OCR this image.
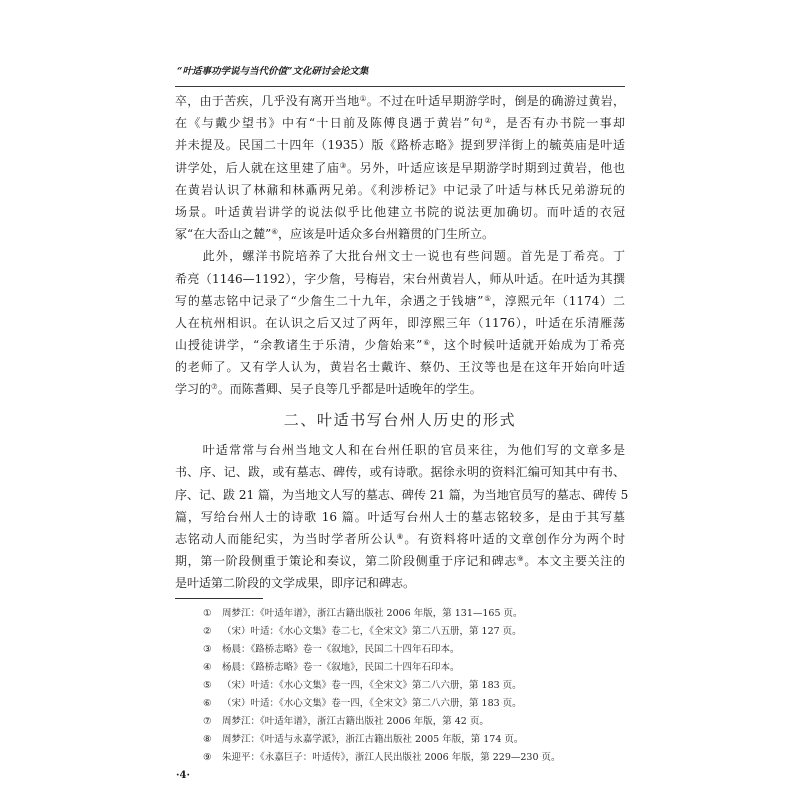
“叶适事功学说与当代价值”文化研讨会论文集
卒，由于苦疾，几乎没有离开当地①。不过在叶适早期游学时，倒是的确游过黄岩，
在《与戴少望书》中有“十日前及陈傅良遇于黄岩”句②，是否有办书院一事却
并未提及。民国二十四年（1935）版《路桥志略》提到罗洋街上的毓英庙是叶适
讲学处，后人就在这里建了庙③。另外，叶适应该是早期游学时期到过黄岩，他也
在黄岩认识了林鼐和林鼒两兄弟。《利涉桥记》中记录了叶适与林氏兄弟游玩的
场景。叶适黄岩讲学的说法似乎比他建立书院的说法更加确切。而叶适的衣冠
冢“在大岙山之麓”④，应该是叶适众多台州籍贯的门生所立。
此外，螺洋书院培养了大批台州文士一说也有些问题。首先是丁希亮。丁
希亮（1146—1192），字少詹，号梅岩，宋台州黄岩人，师从叶适。在叶适为其撰
写的墓志铭中记录了“少詹生二十九年，余遇之于钱塘”⑤，淳熙元年（1174）二
人在杭州相识。在认识之后又过了两年，即淳熙三年（1176），叶适在乐清雁荡
山授徒讲学，“余教诸生于乐清，少詹始来”⑥，这个时候叶适就开始成为丁希亮
的老师了。又有学人认为，黄岩名士戴许、蔡仍、王汶等也是在这年开始向叶适
学习的⑦。而陈耆卿、吴子良等几乎都是叶适晚年的学生。
二、叶适书写台州人历史的形式
叶适常常与台州当地文人和在台州任职的官员来往，为他们写的文章多是
书、序、记、跋，或有墓志、碑传，或有诗歌。据徐永明的资料汇编可知其中有书、
序、记、跋 21 篇，为当地文人写的墓志、碑传 21 篇，为当地官员写的墓志、碑传 5
篇，写给台州人士的诗歌 16 篇。叶适写台州人士的墓志铭较多，是由于其写墓
志铭动人而能纪实，为当时学者所公认⑧。有资料将叶适的文章创作分为两个时
期，第一阶段侧重于策论和奏议，第二阶段侧重于序记和碑志⑨。本文主要关注的
是叶适第二阶段的文学成果，即序记和碑志。
① 周梦江：《叶适年谱》，浙江古籍出版社 2006 年版，第 131—165 页。
② （宋）叶适：《水心文集》卷二七，《全宋文》第二八五册，第 127 页。
③ 杨晨：《路桥志略》卷一《叙地》，民国二十四年石印本。
④ 杨晨：《路桥志略》卷一《叙地》，民国二十四年石印本。
⑤ （宋）叶适：《水心文集》卷一四，《全宋文》第二八六册，第 183 页。
⑥ （宋）叶适：《水心文集》卷一四，《全宋文》第二八六册，第 183 页。
⑦ 周梦江：《叶适年谱》，浙江古籍出版社 2006 年版，第 42 页。
⑧ 周梦江：《叶适与永嘉学派》，浙江古籍出版社 2005 年版，第 174 页。
⑨ 朱迎平：《永嘉巨子：叶适传》，浙江人民出版社 2006 年版，第 229—230 页。
·4·
